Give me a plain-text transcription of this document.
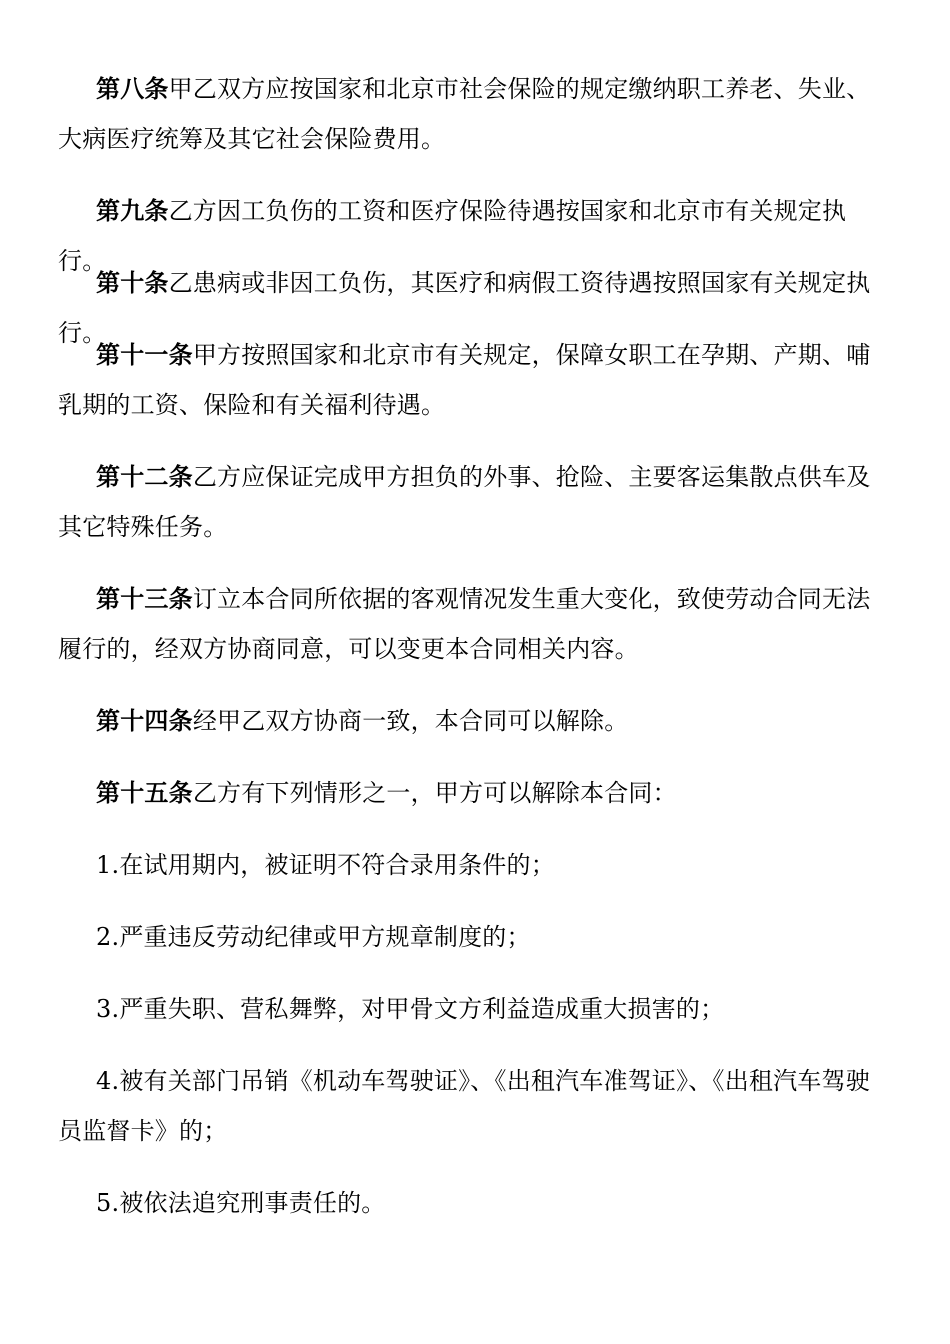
第八条甲乙双方应按国家和北京市社会保险的规定缴纳职工养老、失业、大病医疗统筹及其它社会保险费用。

第九条乙方因工负伤的工资和医疗保险待遇按国家和北京市有关规定执行。

第十条乙患病或非因工负伤，其医疗和病假工资待遇按照国家有关规定执行。

第十一条甲方按照国家和北京市有关规定，保障女职工在孕期、产期、哺乳期的工资、保险和有关福利待遇。

第十二条乙方应保证完成甲方担负的外事、抢险、主要客运集散点供车及其它特殊任务。

第十三条订立本合同所依据的客观情况发生重大变化，致使劳动合同无法履行的，经双方协商同意，可以变更本合同相关内容。

第十四条经甲乙双方协商一致，本合同可以解除。

第十五条乙方有下列情形之一，甲方可以解除本合同：

1.在试用期内，被证明不符合录用条件的；

2.严重违反劳动纪律或甲方规章制度的；

3.严重失职、营私舞弊，对甲骨文方利益造成重大损害的；

4.被有关部门吊销《机动车驾驶证》、《出租汽车准驾证》、《出租汽车驾驶员监督卡》的；

5.被依法追究刑事责任的。
